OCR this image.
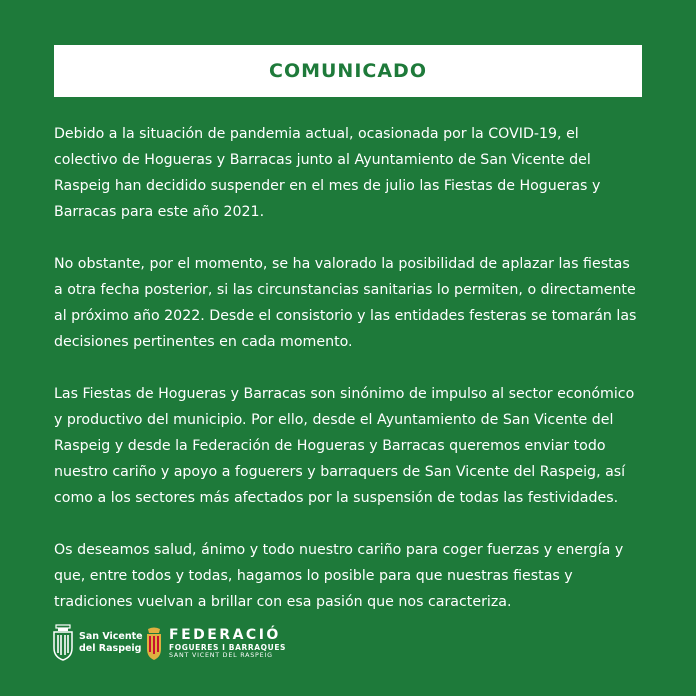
COMUNICADO

Debido a la situación de pandemia actual, ocasionada por la COVID-19, el
colectivo de Hogueras y Barracas junto al Ayuntamiento de San Vicente del
Raspeig han decidido suspender en el mes de julio las Fiestas de Hogueras y
Barracas para este año 2021.

No obstante, por el momento, se ha valorado la posibilidad de aplazar las fiestas
a otra fecha posterior, si las circunstancias sanitarias lo permiten, o directamente
al próximo año 2022. Desde el consistorio y las entidades festeras se tomarán las
decisiones pertinentes en cada momento.

Las Fiestas de Hogueras y Barracas son sinónimo de impulso al sector económico
y productivo del municipio. Por ello, desde el Ayuntamiento de San Vicente del
Raspeig y desde la Federación de Hogueras y Barracas queremos enviar todo
nuestro cariño y apoyo a foguerers y barraquers de San Vicente del Raspeig, así
como a los sectores más afectados por la suspensión de todas las festividades.

Os deseamos salud, ánimo y todo nuestro cariño para coger fuerzas y energía y
que, entre todos y todas, hagamos lo posible para que nuestras fiestas y
tradiciones vuelvan a brillar con esa pasión que nos caracteriza.

San Vicente
del Raspeig
FEDERACIÓ
FOGUERES I BARRAQUES
SANT VICENT DEL RASPEIG
